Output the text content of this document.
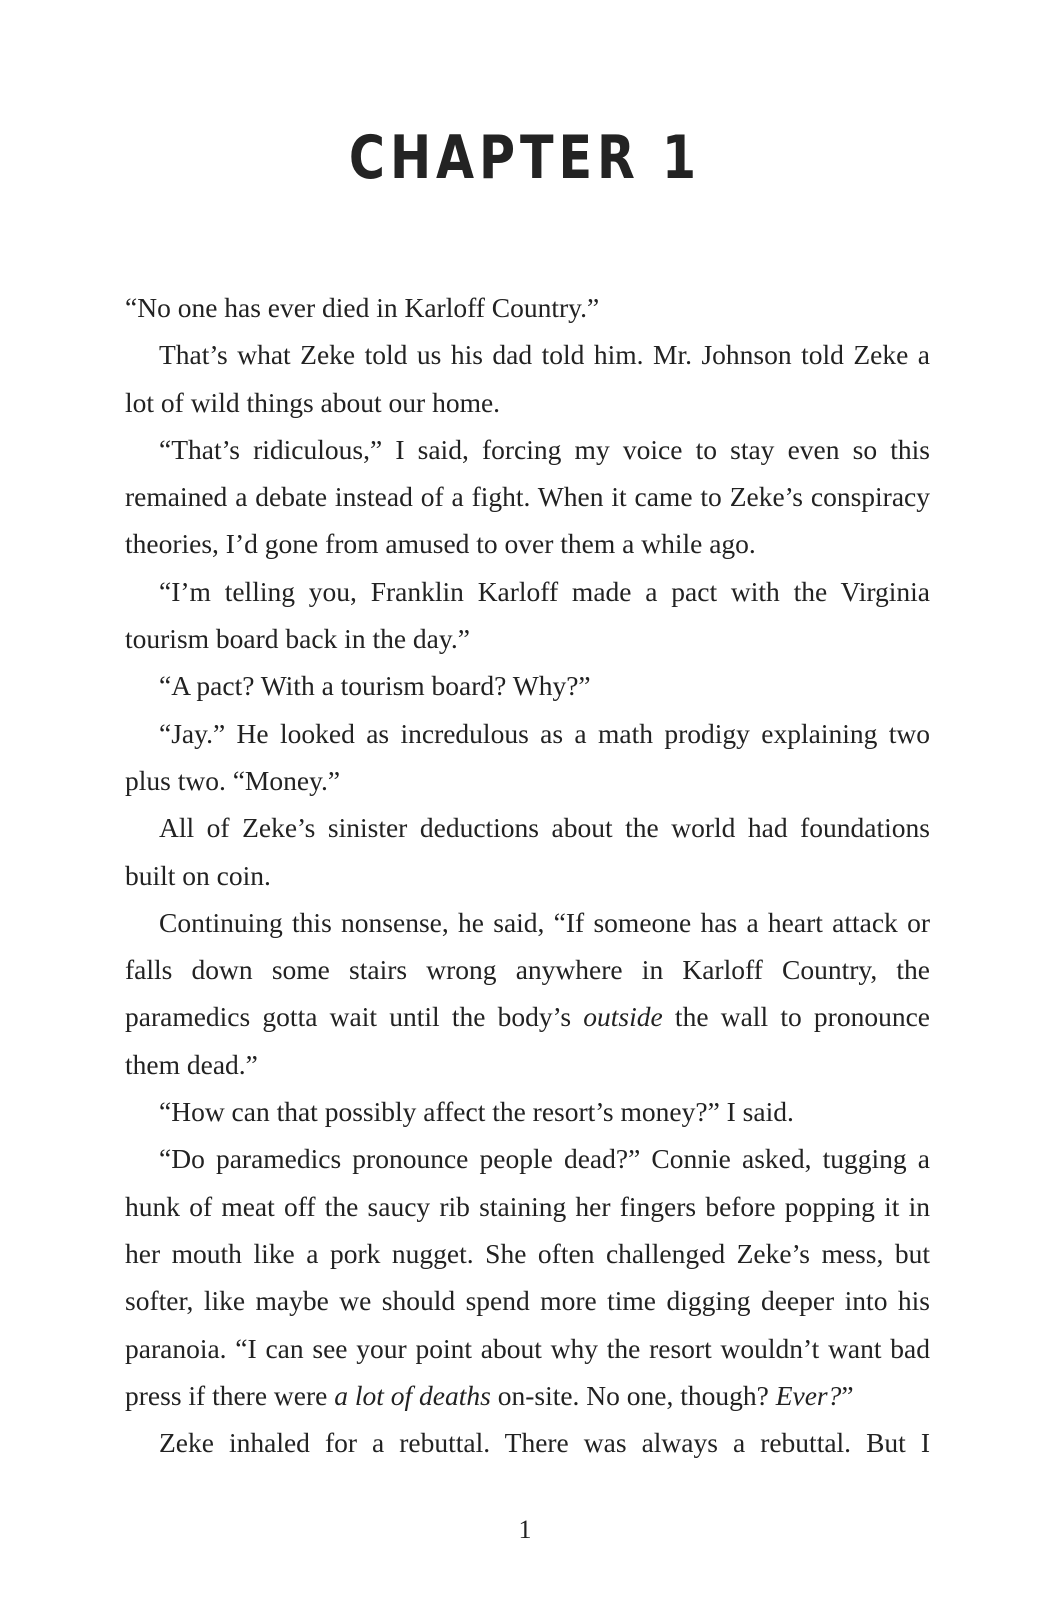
CHAPTER 1

“No one has ever died in Karloff Country.”

That’s what Zeke told us his dad told him. Mr. Johnson told Zeke a lot of wild things about our home.

“That’s ridiculous,” I said, forcing my voice to stay even so this remained a debate instead of a fight. When it came to Zeke’s conspiracy theories, I’d gone from amused to over them a while ago.

“I’m telling you, Franklin Karloff made a pact with the Virginia tourism board back in the day.”

“A pact? With a tourism board? Why?”

“Jay.” He looked as incredulous as a math prodigy explaining two plus two. “Money.”

All of Zeke’s sinister deductions about the world had foundations built on coin.

Continuing this nonsense, he said, “If someone has a heart attack or falls down some stairs wrong anywhere in Karloff Country, the paramedics gotta wait until the body’s outside the wall to pronounce them dead.”

“How can that possibly affect the resort’s money?” I said.

“Do paramedics pronounce people dead?” Connie asked, tugging a hunk of meat off the saucy rib staining her fingers before popping it in her mouth like a pork nugget. She often challenged Zeke’s mess, but softer, like maybe we should spend more time digging deeper into his paranoia. “I can see your point about why the resort wouldn’t want bad press if there were a lot of deaths on-site. No one, though? Ever?”

Zeke inhaled for a rebuttal. There was always a rebuttal. But I

1
